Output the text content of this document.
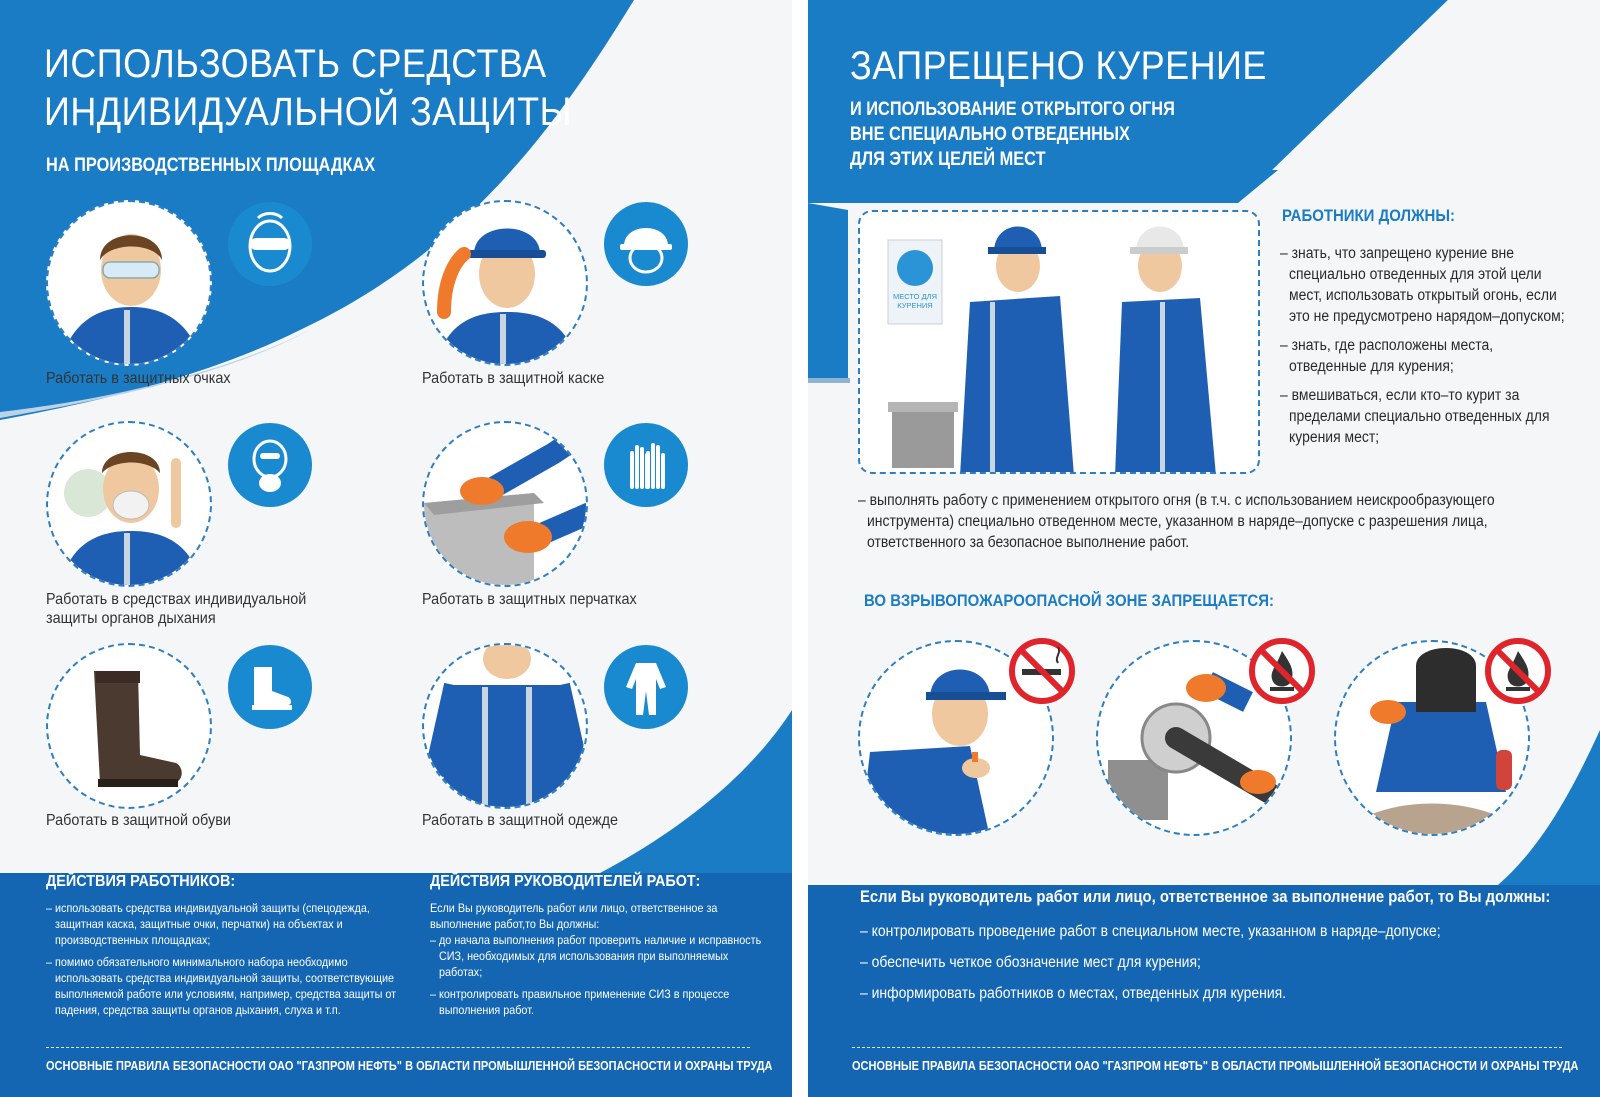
ИСПОЛЬЗОВАТЬ СРЕДСТВА
ИНДИВИДУАЛЬНОЙ ЗАЩИТЫ
НА ПРОИЗВОДСТВЕННЫХ ПЛОЩАДКАХ
Работать в защитных очках	Работать в защитной каске
Работать в средствах индивидуальной
защиты органов дыхания
Работать в защитных перчатках
Работать в защитной обуви	Работать в защитной одежде
ДЕЙСТВИЯ РАБОТНИКОВ:
– использовать средства индивидуальной защиты (спецодежда,
защитная каска, защитные очки, перчатки) на объектах и
производственных площадках;
– помимо обязательного минимального набора необходимо
использовать средства индивидуальной защиты, соответствующие
выполняемой работе или условиям, например, средства защиты от
падения, средства защиты органов дыхания, слуха и т.п.
ДЕЙСТВИЯ РУКОВОДИТЕЛЕЙ РАБОТ:
Если Вы руководитель работ или лицо, ответственное за
выполнение работ,то Вы должны:
– до начала выполнения работ проверить наличие и исправность
СИЗ, необходимых для использования при выполняемых
работах;
– контролировать правильное применение СИЗ в процессе
выполнения работ.
ОСНОВНЫЕ ПРАВИЛА БЕЗОПАСНОСТИ ОАО "ГАЗПРОМ НЕФТЬ" В ОБЛАСТИ ПРОМЫШЛЕННОЙ БЕЗОПАСНОСТИ И ОХРАНЫ ТРУДА
ЗАПРЕЩЕНО КУРЕНИЕ
И ИСПОЛЬЗОВАНИЕ ОТКРЫТОГО ОГНЯ
ВНЕ СПЕЦИАЛЬНО ОТВЕДЕННЫХ
ДЛЯ ЭТИХ ЦЕЛЕЙ МЕСТ
МЕСТО ДЛЯ
КУРЕНИЯ
РАБОТНИКИ ДОЛЖНЫ:
– знать, что запрещено курение вне
специально отведенных для этой цели
мест, использовать открытый огонь, если
это не предусмотрено нарядом–допуском;
– знать, где расположены места,
отведенные для курения;
– вмешиваться, если кто–то курит за
пределами специально отведенных для
курения мест;
– выполнять работу с применением открытого огня (в т.ч. с использованием неискрообразующего
инструмента) специально отведенном месте, указанном в наряде–допуске с разрешения лица,
ответственного за безопасное выполнение работ.
ВО ВЗРЫВОПОЖАРООПАСНОЙ ЗОНЕ ЗАПРЕЩАЕТСЯ:
Если Вы руководитель работ или лицо, ответственное за выполнение работ, то Вы должны:
– контролировать проведение работ в специальном месте, указанном в наряде–допуске;
– обеспечить четкое обозначение мест для курения;
– информировать работников о местах, отведенных для курения.
ОСНОВНЫЕ ПРАВИЛА БЕЗОПАСНОСТИ ОАО "ГАЗПРОМ НЕФТЬ" В ОБЛАСТИ ПРОМЫШЛЕННОЙ БЕЗОПАСНОСТИ И ОХРАНЫ ТРУДА
